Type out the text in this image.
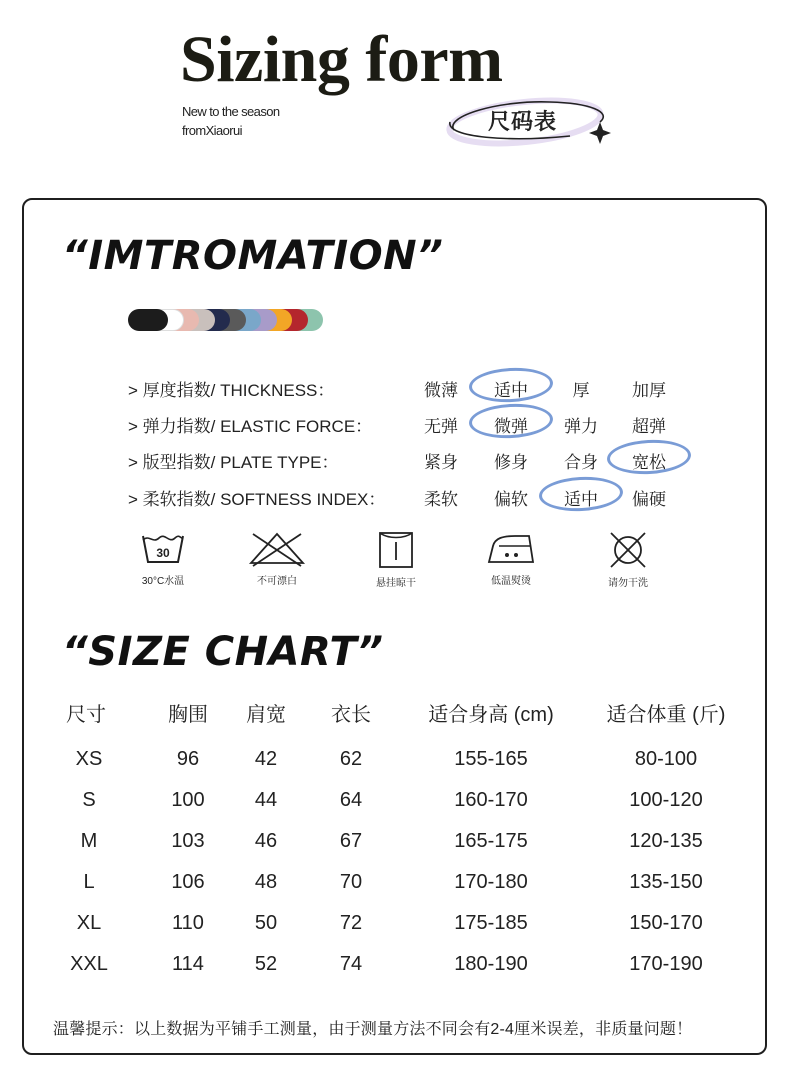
Sizing form
New to the season
fromXiaorui	尺码表
“IMTROMATION”
> 厚度指数/ THICKNESS：	微薄	适中	厚	加厚
> 弹力指数/ ELASTIC FORCE：	无弹	微弹	弹力	超弹
> 版型指数/ PLATE TYPE：	紧身	修身	合身	宽松
> 柔软指数/ SOFTNESS INDEX：	柔软	偏软	适中	偏硬
30
30°C水温	不可漂白	悬挂晾干	低温熨烫	请勿干洗
“SIZE CHART”
尺寸	胸围	肩宽	衣长	适合身高 (cm)	适合体重 (斤)
XS	96	42	62	155-165	80-100
S	100	44	64	160-170	100-120
M	103	46	67	165-175	120-135
L	106	48	70	170-180	135-150
XL	110	50	72	175-185	150-170
XXL	114	52	74	180-190	170-190
温馨提示：以上数据为平铺手工测量，由于测量方法不同会有2-4厘米误差，非质量问题！
